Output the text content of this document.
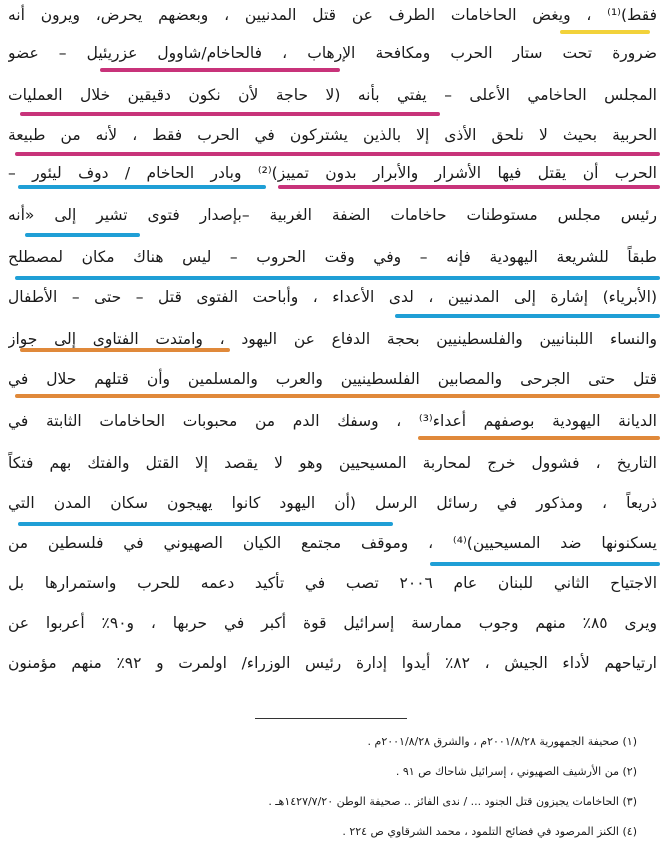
فقط)⁽¹⁾ ، ويغض الحاخامات الطرف عن قتل المدنيين ، وبعضهم يحرض، ويرون أنه
ضرورة تحت ستار الحرب ومكافحة الإرهاب ، فالحاخام/شاوول عزريئيل – عضو
المجلس الحاخامي الأعلى – يفتي بأنه (لا حاجة لأن نكون دقيقين خلال العمليات
الحربية بحيث لا نلحق الأذى إلا بالذين يشتركون في الحرب فقط ، لأنه من طبيعة
الحرب أن يقتل فيها الأشرار والأبرار بدون تمييز)⁽²⁾ وبادر الحاخام / دوف ليئور –
رئيس مجلس مستوطنات حاخامات الضفة الغربية –بإصدار فتوى تشير إلى «أنه
طبقاً للشريعة اليهودية فإنه – وفي وقت الحروب – ليس هناك مكان لمصطلح
(الأبرياء) إشارة إلى المدنيين ، لدى الأعداء ، وأباحت الفتوى قتل – حتى – الأطفال
والنساء اللبنانيين والفلسطينيين بحجة الدفاع عن اليهود ، وامتدت الفتاوى إلى جواز
قتل حتى الجرحى والمصابين الفلسطينيين والعرب والمسلمين وأن قتلهم حلال في
الديانة اليهودية بوصفهم أعداء⁽³⁾ ، وسفك الدم من محبوبات الحاخامات الثابتة في
التاريخ ، فشوول خرج لمحاربة المسيحيين وهو لا يقصد إلا القتل والفتك بهم فتكاً
ذريعاً ، ومذكور في رسائل الرسل (أن اليهود كانوا يهيجون سكان المدن التي
يسكنونها ضد المسيحيين)⁽⁴⁾ ، وموقف مجتمع الكيان الصهيوني في فلسطين من
الاجتياح الثاني للبنان عام ٢٠٠٦ تصب في تأكيد دعمه للحرب واستمرارها بل
ويرى ٨٥٪ منهم وجوب ممارسة إسرائيل قوة أكبر في حربها ، و٩٠٪ أعربوا عن
ارتياحهم لأداء الجيش ، ٨٢٪ أيدوا إدارة رئيس الوزراء/ اولمرت و ٩٢٪ منهم مؤمنون
(١) صحيفة الجمهورية ٢٠٠١/٨/٢٨م ، والشرق ٢٠٠١/٨/٢٨م .
(٢) من الأرشيف الصهيوني ، إسرائيل شاحاك ص ٩١ .
(٣) الحاخامات يجيزون قتل الجنود ... / ندى الفائز .. صحيفة الوطن ١٤٢٧/٧/٢٠هـ .
(٤) الكنز المرصود في فضائح التلمود ، محمد الشرقاوي ص ٢٢٤ .
